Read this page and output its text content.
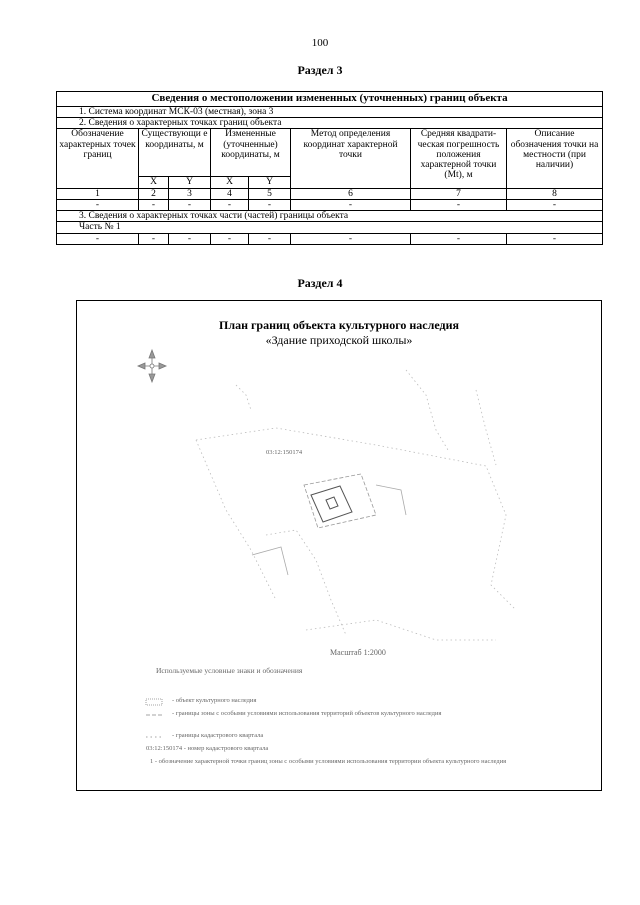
100
Раздел 3
Сведения о местоположении измененных (уточненных) границ объекта							
1. Система координат МСК-03 (местная), зона 3							
2. Сведения о характерных точках границ объекта							
Обозначение характерных точек границ	Существующи е координаты, м		Измененные (уточненные) координаты, м		Метод определения координат характерной точки	Средняя квадрати-ческая погрешность положения характерной точки (Mt), м	Описание обозначения точки на местности (при наличии)
	X	Y	X	Y			
1	2	3	4	5	6	7	8
-	-	-	-	-	-	-	-
3. Сведения о характерных точках части (частей) границы объекта							
Часть № 1							
-	-	-	-	-	-	-	-
Раздел 4
План границ объекта культурного наследия
«Здание приходской школы»
03:12:150174
Масштаб 1:2000
Используемые условные знаки и обозначения
- объект культурного наследия
- границы зоны с особыми условиями использования территорий объектов культурного наследия
- границы кадастрового квартала
03:12:150174 - номер кадастрового квартала
1 - обозначение характерной точки границ зоны с особыми условиями использования территории объекта культурного наследия
